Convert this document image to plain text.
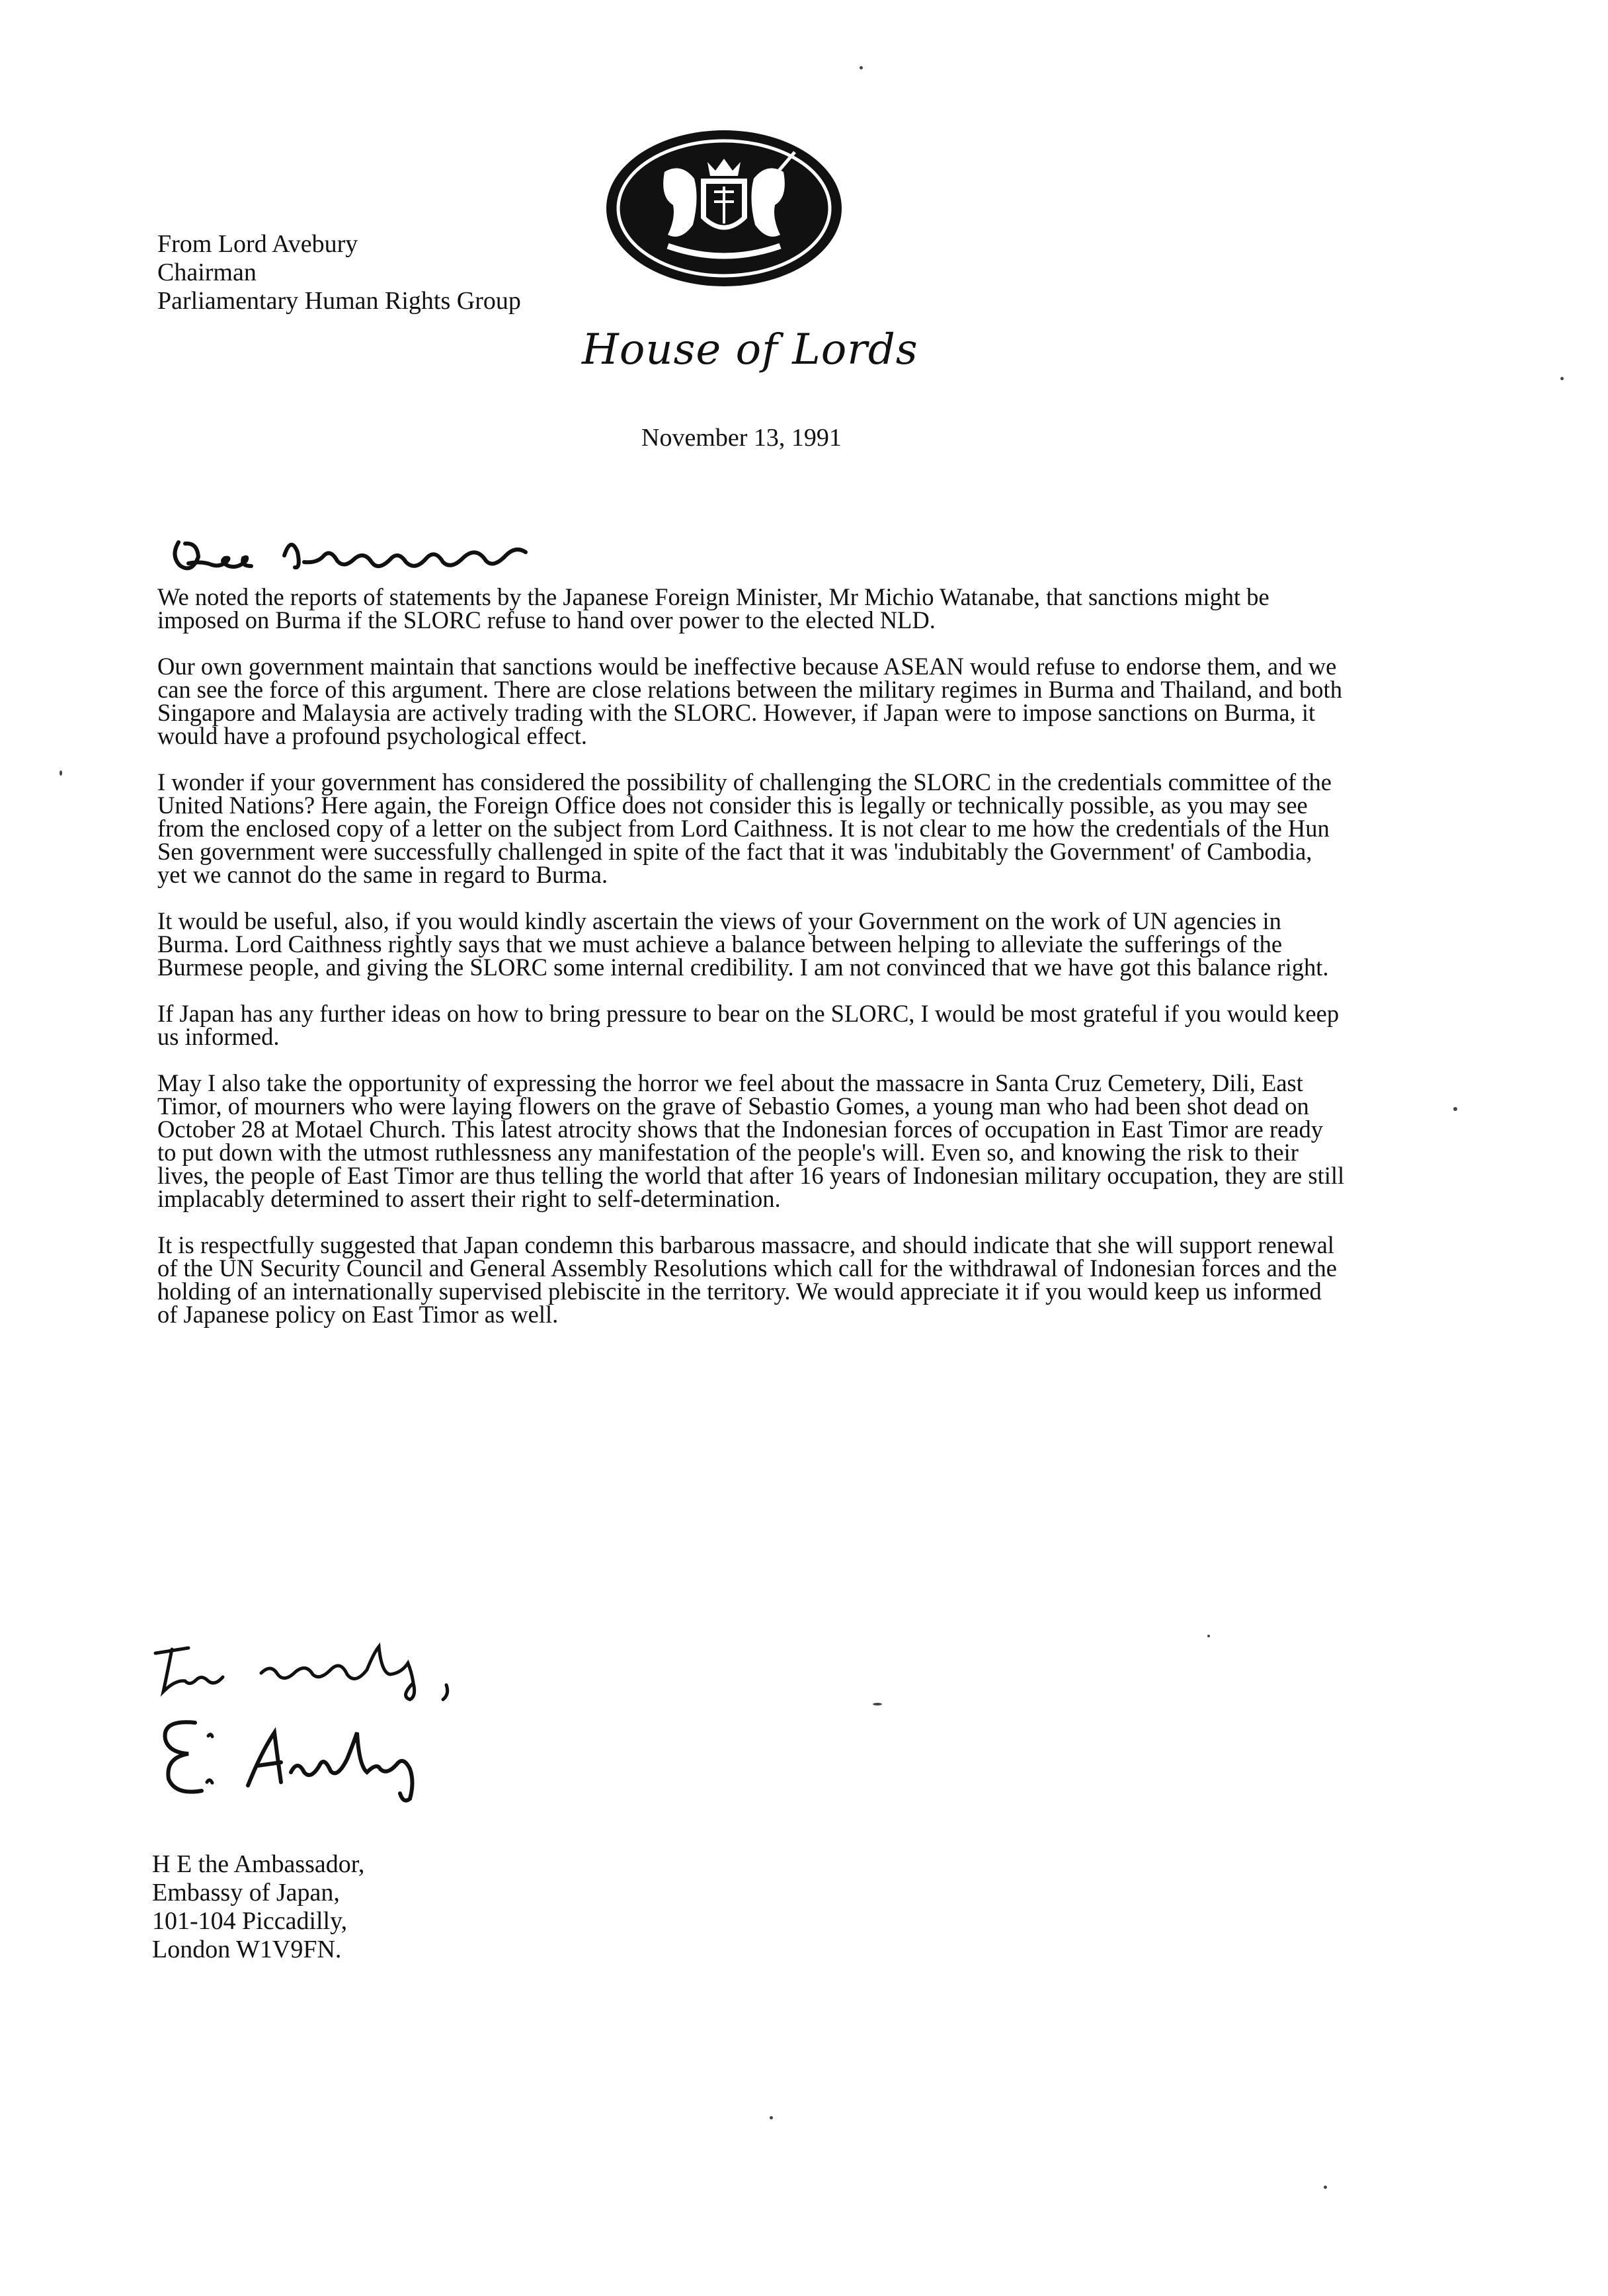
From Lord Avebury
Chairman
Parliamentary Human Rights Group
House of Lords
November 13, 1991

We noted the reports of statements by the Japanese Foreign Minister, Mr Michio Watanabe, that sanctions might be imposed on Burma if the SLORC refuse to hand over power to the elected NLD.

Our own government maintain that sanctions would be ineffective because ASEAN would refuse to endorse them, and we can see the force of this argument. There are close relations between the military regimes in Burma and Thailand, and both Singapore and Malaysia are actively trading with the SLORC. However, if Japan were to impose sanctions on Burma, it would have a profound psychological effect.

I wonder if your government has considered the possibility of challenging the SLORC in the credentials committee of the United Nations? Here again, the Foreign Office does not consider this is legally or technically possible, as you may see from the enclosed copy of a letter on the subject from Lord Caithness. It is not clear to me how the credentials of the Hun Sen government were successfully challenged in spite of the fact that it was 'indubitably the Government' of Cambodia, yet we cannot do the same in regard to Burma.

It would be useful, also, if you would kindly ascertain the views of your Government on the work of UN agencies in Burma. Lord Caithness rightly says that we must achieve a balance between helping to alleviate the sufferings of the Burmese people, and giving the SLORC some internal credibility. I am not convinced that we have got this balance right.

If Japan has any further ideas on how to bring pressure to bear on the SLORC, I would be most grateful if you would keep us informed.

May I also take the opportunity of expressing the horror we feel about the massacre in Santa Cruz Cemetery, Dili, East Timor, of mourners who were laying flowers on the grave of Sebastio Gomes, a young man who had been shot dead on October 28 at Motael Church. This latest atrocity shows that the Indonesian forces of occupation in East Timor are ready to put down with the utmost ruthlessness any manifestation of the people's will. Even so, and knowing the risk to their lives, the people of East Timor are thus telling the world that after 16 years of Indonesian military occupation, they are still implacably determined to assert their right to self-determination.

It is respectfully suggested that Japan condemn this barbarous massacre, and should indicate that she will support renewal of the UN Security Council and General Assembly Resolutions which call for the withdrawal of Indonesian forces and the holding of an internationally supervised plebiscite in the territory. We would appreciate it if you would keep us informed of Japanese policy on East Timor as well.

H E the Ambassador,
Embassy of Japan,
101-104 Piccadilly,
London W1V9FN.
